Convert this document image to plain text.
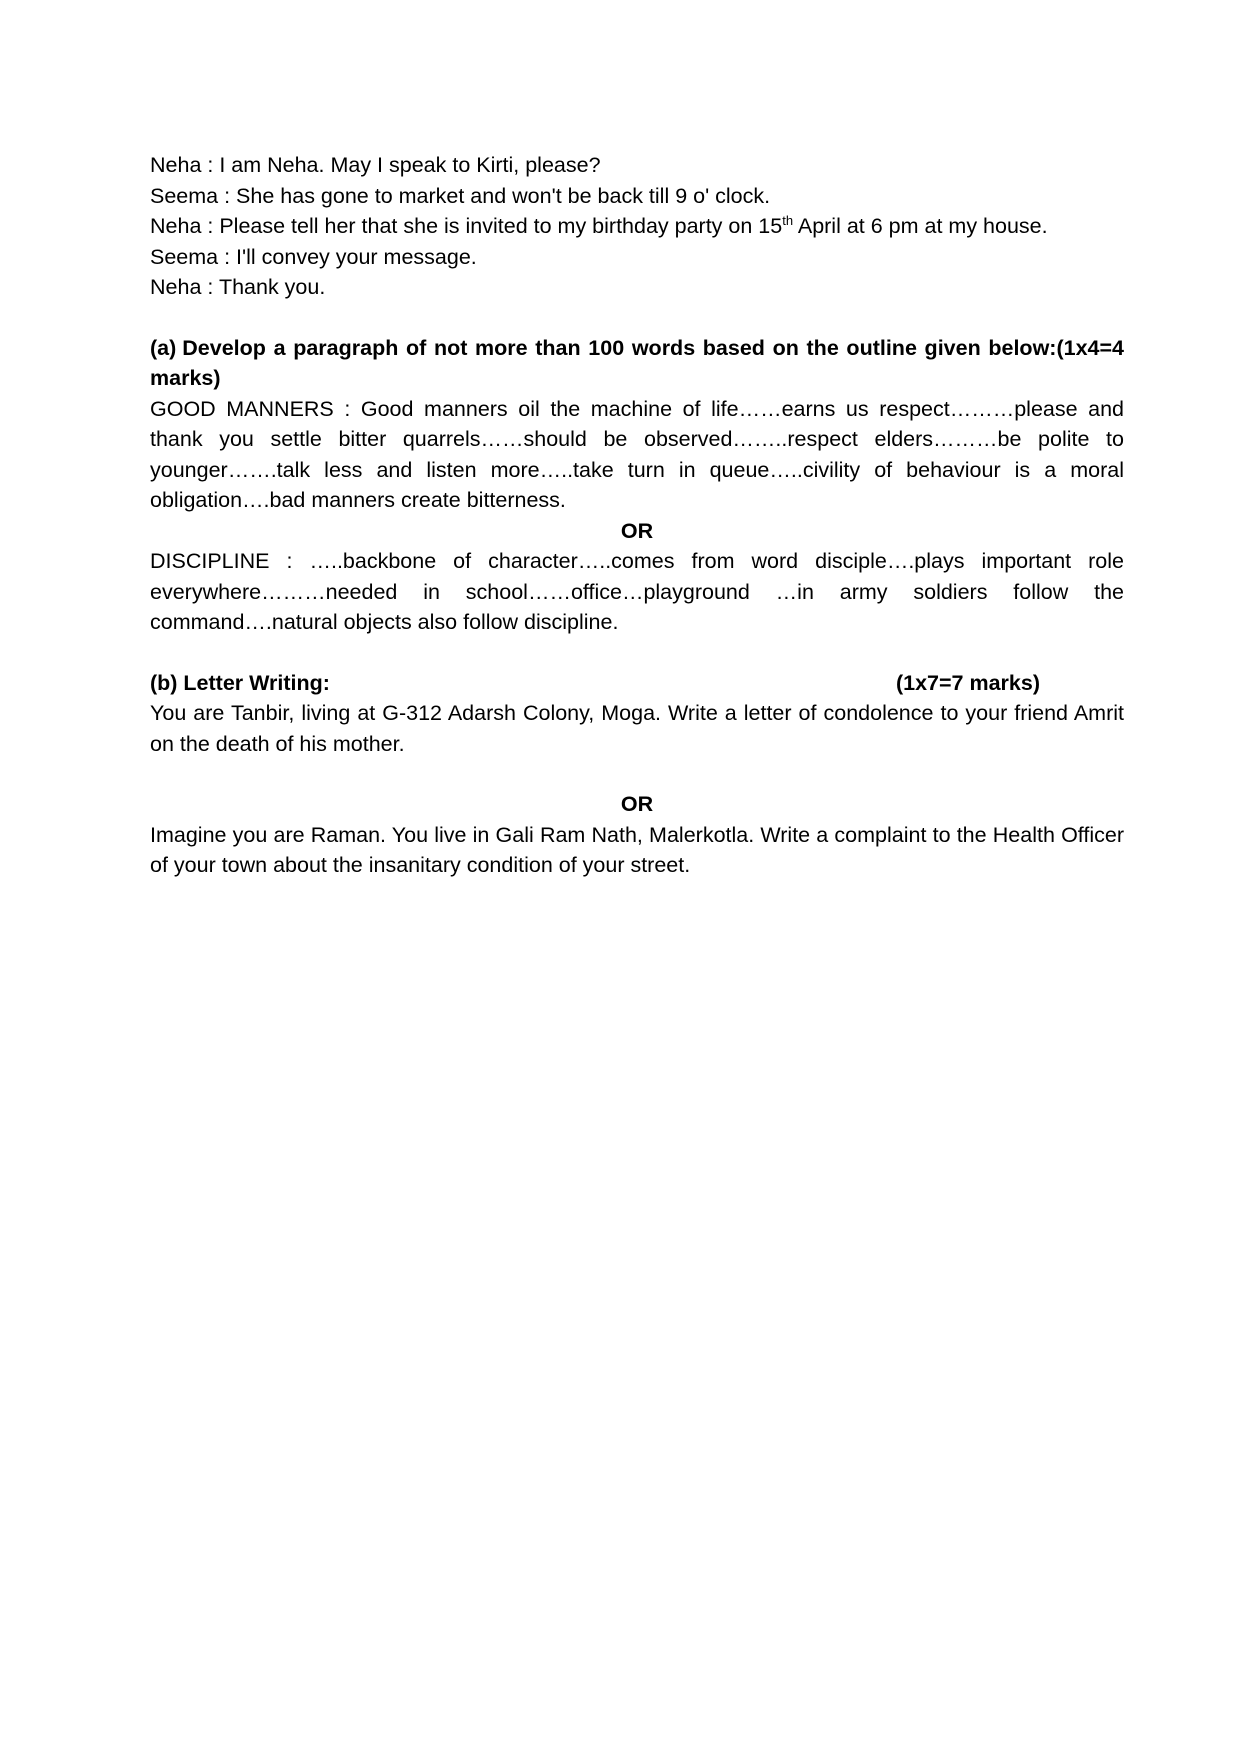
Neha : I am Neha. May I speak to Kirti, please?

Seema : She has gone to market and won't be back till 9 o' clock.

Neha : Please tell her that she is invited to my birthday party on 15th April at 6 pm at my house.

Seema : I'll convey your message.

Neha : Thank you.

(a) Develop a paragraph of not more than 100 words based on the outline given below:(1x4=4 marks)

GOOD MANNERS : Good manners oil the machine of life……earns us respect………please and thank you settle bitter quarrels……should be observed……..respect elders………be polite to younger…….talk less and listen more…..take turn in queue…..civility of behaviour is a moral obligation….bad manners create bitterness.

OR

DISCIPLINE : …..backbone of character…..comes from word disciple….plays important role everywhere………needed in school……office…playground …in army soldiers follow the command….natural objects also follow discipline.

(b) Letter Writing:	(1x7=7 marks)

You are Tanbir, living at G-312 Adarsh Colony, Moga. Write a letter of condolence to your friend Amrit on the death of his mother.

OR

Imagine you are Raman. You live in Gali Ram Nath, Malerkotla. Write a complaint to the Health Officer of your town about the insanitary condition of your street.
